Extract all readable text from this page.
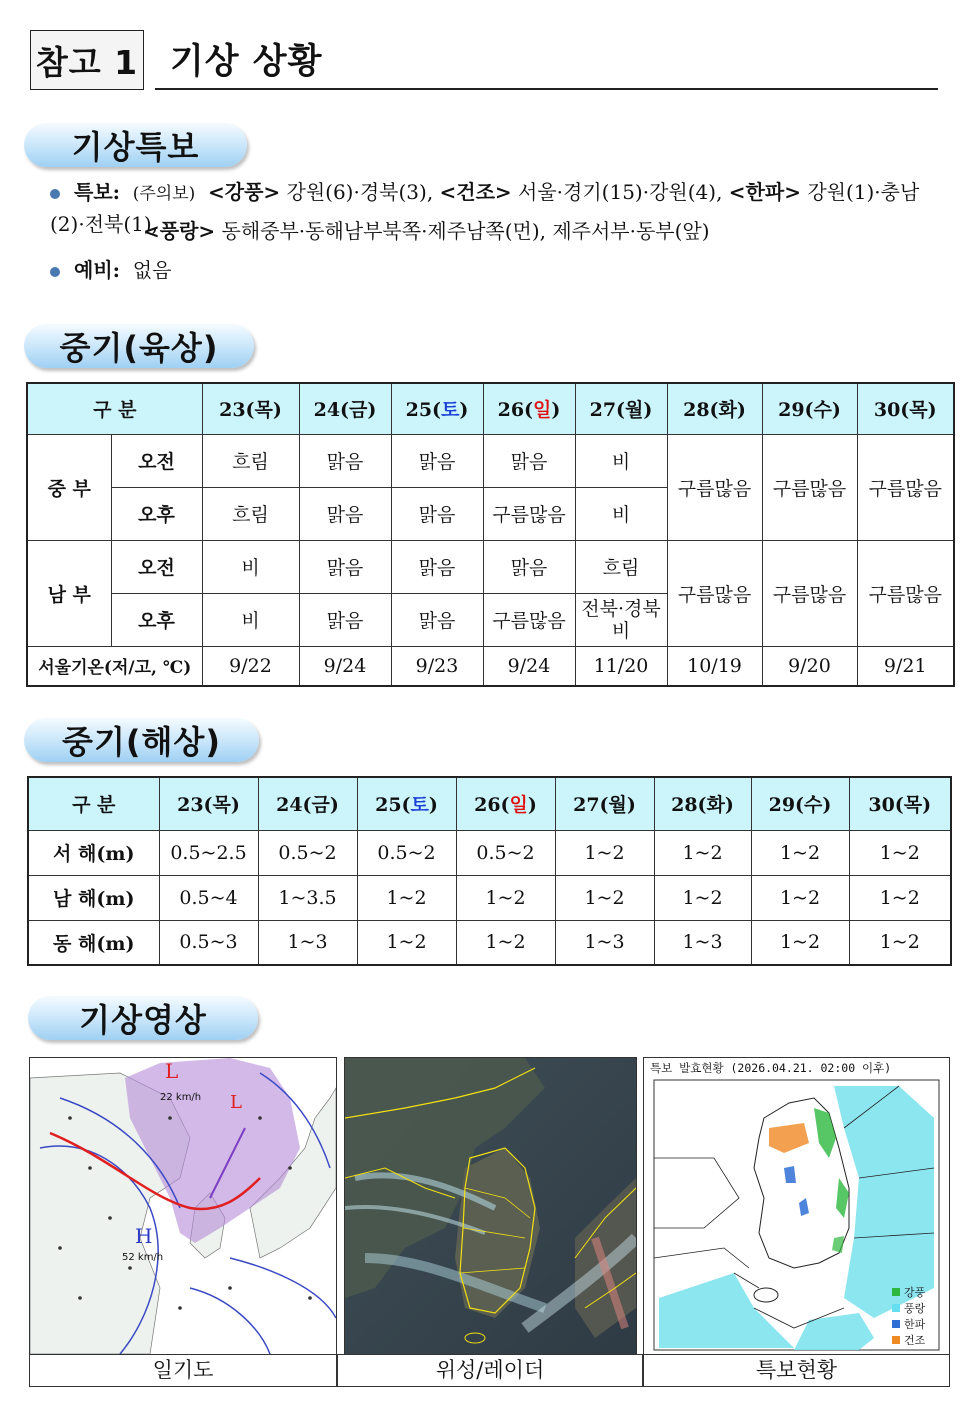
참고 1 기상 상황
기상특보
특보: (주의보) <강풍> 강원(6)·경북(3), <건조> 서울·경기(15)·강원(4), <한파> 강원(1)·충남(2)·전북(1),
<풍랑> 동해중부·동해남부북쪽·제주남쪽(먼), 제주서부·동부(앞)
예비: 없음
중기(육상)
구 분		23(목)	24(금)	25(토)	26(일)	27(월)	28(화)	29(수)	30(목)
중 부	오전	흐림	맑음	맑음	맑음	비	구름많음	구름많음	구름많음
	오후	흐림	맑음	맑음	구름많음	비			
남 부	오전	비	맑음	맑음	맑음	흐림	구름많음	구름많음	구름많음
	오후	비	맑음	맑음	구름많음	전북·경북
비			
서울기온(저/고, ℃)		9/22	9/24	9/23	9/24	11/20	10/19	9/20	9/21
중기(해상)
구 분	23(목)	24(금)	25(토)	26(일)	27(월)	28(화)	29(수)	30(목)
서 해(m)	0.5~2.5	0.5~2	0.5~2	0.5~2	1~2	1~2	1~2	1~2
남 해(m)	0.5~4	1~3.5	1~2	1~2	1~2	1~2	1~2	1~2
동 해(m)	0.5~3	1~3	1~2	1~2	1~3	1~3	1~2	1~2
기상영상
L
L
H
22 km/h
52 km/h
특보 발효현황 (2026.04.21. 02:00 이후)
강풍
풍랑
한파
건조
일기도	위성/레이더	특보현황
